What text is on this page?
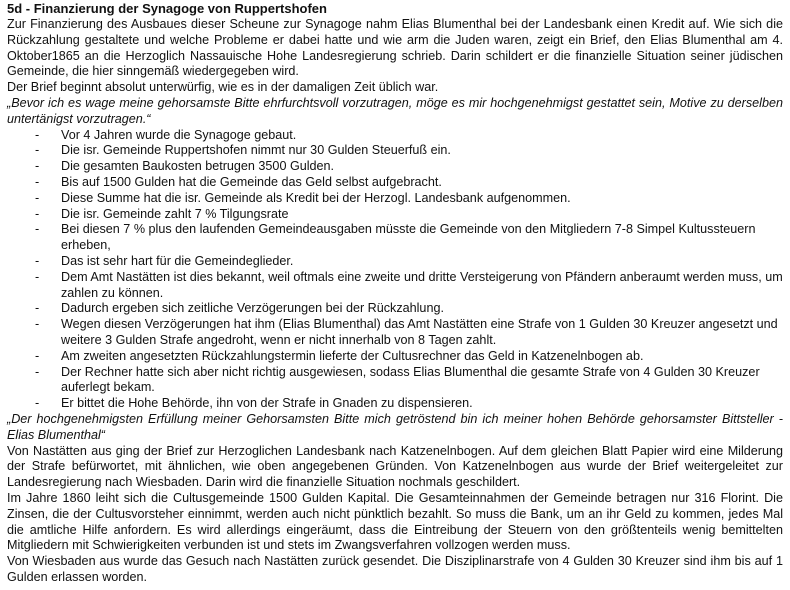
5d - Finanzierung der Synagoge von Ruppertshofen

Zur Finanzierung des Ausbaues dieser Scheune zur Synagoge nahm Elias Blumenthal bei der Landesbank einen Kredit auf. Wie sich die Rückzahlung gestaltete und welche Probleme er dabei hatte und wie arm die Juden waren, zeigt ein Brief, den Elias Blumenthal am 4. Oktober1865 an die Herzoglich Nassauische Hohe Landesregierung schrieb. Darin schildert er die finanzielle Situation seiner jüdischen Gemeinde, die hier sinngemäß wiedergegeben wird.

Der Brief beginnt absolut unterwürfig, wie es in der damaligen Zeit üblich war.

„Bevor ich es wage meine gehorsamste Bitte ehrfurchtsvoll vorzutragen, möge es mir hochgenehmigst gestattet sein, Motive zu derselben untertänigst vorzutragen.“

-	Vor 4 Jahren wurde die Synagoge gebaut.
-	Die isr. Gemeinde Ruppertshofen nimmt nur 30 Gulden Steuerfuß ein.
-	Die gesamten Baukosten betrugen 3500 Gulden.
-	Bis auf 1500 Gulden hat die Gemeinde das Geld selbst aufgebracht.
-	Diese Summe hat die isr. Gemeinde als Kredit bei der Herzogl. Landesbank aufgenommen.
-	Die isr. Gemeinde zahlt 7 % Tilgungsrate
-	Bei diesen 7 % plus den laufenden Gemeindeausgaben müsste die Gemeinde von den Mitgliedern 7-8 Simpel Kultussteuern erheben,
-	Das ist sehr hart für die Gemeindeglieder.
-	Dem Amt Nastätten ist dies bekannt, weil oftmals eine zweite und dritte Versteigerung von Pfändern anberaumt werden muss, um zahlen zu können.
-	Dadurch ergeben sich zeitliche Verzögerungen bei der Rückzahlung.
-	Wegen diesen Verzögerungen hat ihm (Elias Blumenthal) das Amt Nastätten eine Strafe von 1 Gulden 30 Kreuzer angesetzt und weitere 3 Gulden Strafe angedroht, wenn er nicht innerhalb von 8 Tagen zahlt.
-	Am zweiten angesetzten Rückzahlungstermin lieferte der Cultusrechner das Geld in Katzenelnbogen ab.
-	Der Rechner hatte sich aber nicht richtig ausgewiesen, sodass Elias Blumenthal die gesamte Strafe von 4 Gulden 30 Kreuzer auferlegt bekam.
-	Er bittet die Hohe Behörde, ihn von der Strafe in Gnaden zu dispensieren.

„Der hochgenehmigsten Erfüllung meiner Gehorsamsten Bitte mich getröstend bin ich meiner hohen Behörde gehorsamster Bittsteller - Elias Blumenthal“

Von Nastätten aus ging der Brief zur Herzoglichen Landesbank nach Katzenelnbogen. Auf dem gleichen Blatt Papier wird eine Milderung der Strafe befürwortet, mit ähnlichen, wie oben angegebenen Gründen. Von Katzenelnbogen aus wurde der Brief weitergeleitet zur Landesregierung nach Wiesbaden. Darin wird die finanzielle Situation nochmals geschildert.

Im Jahre 1860 leiht sich die Cultusgemeinde 1500 Gulden Kapital. Die Gesamteinnahmen der Gemeinde betragen nur 316 Florint. Die Zinsen, die der Cultusvorsteher einnimmt, werden auch nicht pünktlich bezahlt. So muss die Bank, um an ihr Geld zu kommen, jedes Mal die amtliche Hilfe anfordern. Es wird allerdings eingeräumt, dass die Eintreibung der Steuern von den größtenteils wenig bemittelten Mitgliedern mit Schwierigkeiten verbunden ist und stets im Zwangsverfahren vollzogen werden muss.

Von Wiesbaden aus wurde das Gesuch nach Nastätten zurück gesendet. Die Disziplinarstrafe von 4 Gulden 30 Kreuzer sind ihm bis auf 1 Gulden erlassen worden.
